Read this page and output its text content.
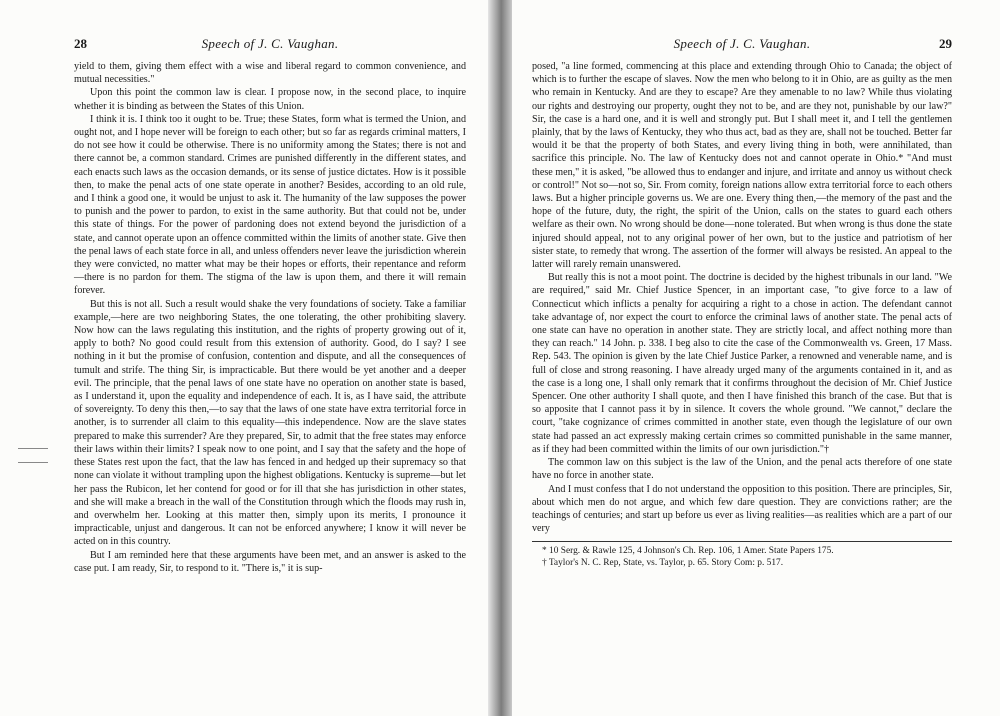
28	Speech of J. C. Vaughan.

yield to them, giving them effect with a wise and liberal regard to common convenience, and mutual necessities."

Upon this point the common law is clear. I propose now, in the second place, to inquire whether it is binding as between the States of this Union.

I think it is. I think too it ought to be. True; these States, form what is termed the Union, and ought not, and I hope never will be foreign to each other; but so far as regards criminal matters, I do not see how it could be otherwise. There is no uniformity among the States; there is not and there cannot be, a common standard. Crimes are punished differently in the different states, and each enacts such laws as the occasion demands, or its sense of justice dictates. How is it possible then, to make the penal acts of one state operate in another? Besides, according to an old rule, and I think a good one, it would be unjust to ask it. The humanity of the law supposes the power to punish and the power to pardon, to exist in the same authority. But that could not be, under this state of things. For the power of pardoning does not extend beyond the jurisdiction of a state, and cannot operate upon an offence committed within the limits of another state. Give then the penal laws of each state force in all, and unless offenders never leave the jurisdiction wherein they were convicted, no matter what may be their hopes or efforts, their repentance and reform—there is no pardon for them. The stigma of the law is upon them, and there it will remain forever.

But this is not all. Such a result would shake the very foundations of society. Take a familiar example,—here are two neighboring States, the one tolerating, the other prohibiting slavery. Now how can the laws regulating this institution, and the rights of property growing out of it, apply to both? No good could result from this extension of authority. Good, do I say? I see nothing in it but the promise of confusion, contention and dispute, and all the consequences of tumult and strife. The thing Sir, is impracticable. But there would be yet another and a deeper evil. The principle, that the penal laws of one state have no operation on another state is based, as I understand it, upon the equality and independence of each. It is, as I have said, the attribute of sovereignty. To deny this then,—to say that the laws of one state have extra territorial force in another, is to surrender all claim to this equality—this independence. Now are the slave states prepared to make this surrender? Are they prepared, Sir, to admit that the free states may enforce their laws within their limits? I speak now to one point, and I say that the safety and the hope of these States rest upon the fact, that the law has fenced in and hedged up their supremacy so that none can violate it without trampling upon the highest obligations. Kentucky is supreme—but let her pass the Rubicon, let her contend for good or for ill that she has jurisdiction in other states, and she will make a breach in the wall of the Constitution through which the floods may rush in, and overwhelm her. Looking at this matter then, simply upon its merits, I pronounce it impracticable, unjust and dangerous. It can not be enforced anywhere; I know it will never be acted on in this country.

But I am reminded here that these arguments have been met, and an answer is asked to the case put. I am ready, Sir, to respond to it. "There is," it is sup-

Speech of J. C. Vaughan.	29

posed, "a line formed, commencing at this place and extending through Ohio to Canada; the object of which is to further the escape of slaves. Now the men who belong to it in Ohio, are as guilty as the men who remain in Kentucky. And are they to escape? Are they amenable to no law? While thus violating our rights and destroying our property, ought they not to be, and are they not, punishable by our law?" Sir, the case is a hard one, and it is well and strongly put. But I shall meet it, and I tell the gentlemen plainly, that by the laws of Kentucky, they who thus act, bad as they are, shall not be touched. Better far would it be that the property of both States, and every living thing in both, were annihilated, than sacrifice this principle. No. The law of Kentucky does not and cannot operate in Ohio.* "And must these men," it is asked, "be allowed thus to endanger and injure, and irritate and annoy us without check or control!" Not so—not so, Sir. From comity, foreign nations allow extra territorial force to each others laws. But a higher principle governs us. We are one. Every thing then,—the memory of the past and the hope of the future, duty, the right, the spirit of the Union, calls on the states to guard each others welfare as their own. No wrong should be done—none tolerated. But when wrong is thus done the state injured should appeal, not to any original power of her own, but to the justice and patriotism of her sister state, to remedy that wrong. The assertion of the former will always be resisted. An appeal to the latter will rarely remain unanswered.

But really this is not a moot point. The doctrine is decided by the highest tribunals in our land. "We are required," said Mr. Chief Justice Spencer, in an important case, "to give force to a law of Connecticut which inflicts a penalty for acquiring a right to a chose in action. The defendant cannot take advantage of, nor expect the court to enforce the criminal laws of another state. The penal acts of one state can have no operation in another state. They are strictly local, and affect nothing more than they can reach." 14 John. p. 338. I beg also to cite the case of the Commonwealth vs. Green, 17 Mass. Rep. 543. The opinion is given by the late Chief Justice Parker, a renowned and venerable name, and is full of close and strong reasoning. I have already urged many of the arguments contained in it, and as the case is a long one, I shall only remark that it confirms throughout the decision of Mr. Chief Justice Spencer. One other authority I shall quote, and then I have finished this branch of the case. But that is so apposite that I cannot pass it by in silence. It covers the whole ground. "We cannot," declare the court, "take cognizance of crimes committed in another state, even though the legislature of our own state had passed an act expressly making certain crimes so committed punishable in the same manner, as if they had been committed within the limits of our own jurisdiction."†

The common law on this subject is the law of the Union, and the penal acts therefore of one state have no force in another state.

And I must confess that I do not understand the opposition to this position. There are principles, Sir, about which men do not argue, and which few dare question. They are convictions rather; are the teachings of centuries; and start up before us ever as living realities—as realities which are a part of our very

* 10 Serg. & Rawle 125, 4 Johnson's Ch. Rep. 106, 1 Amer. State Papers 175.

† Taylor's N. C. Rep, State, vs. Taylor, p. 65. Story Com: p. 517.
